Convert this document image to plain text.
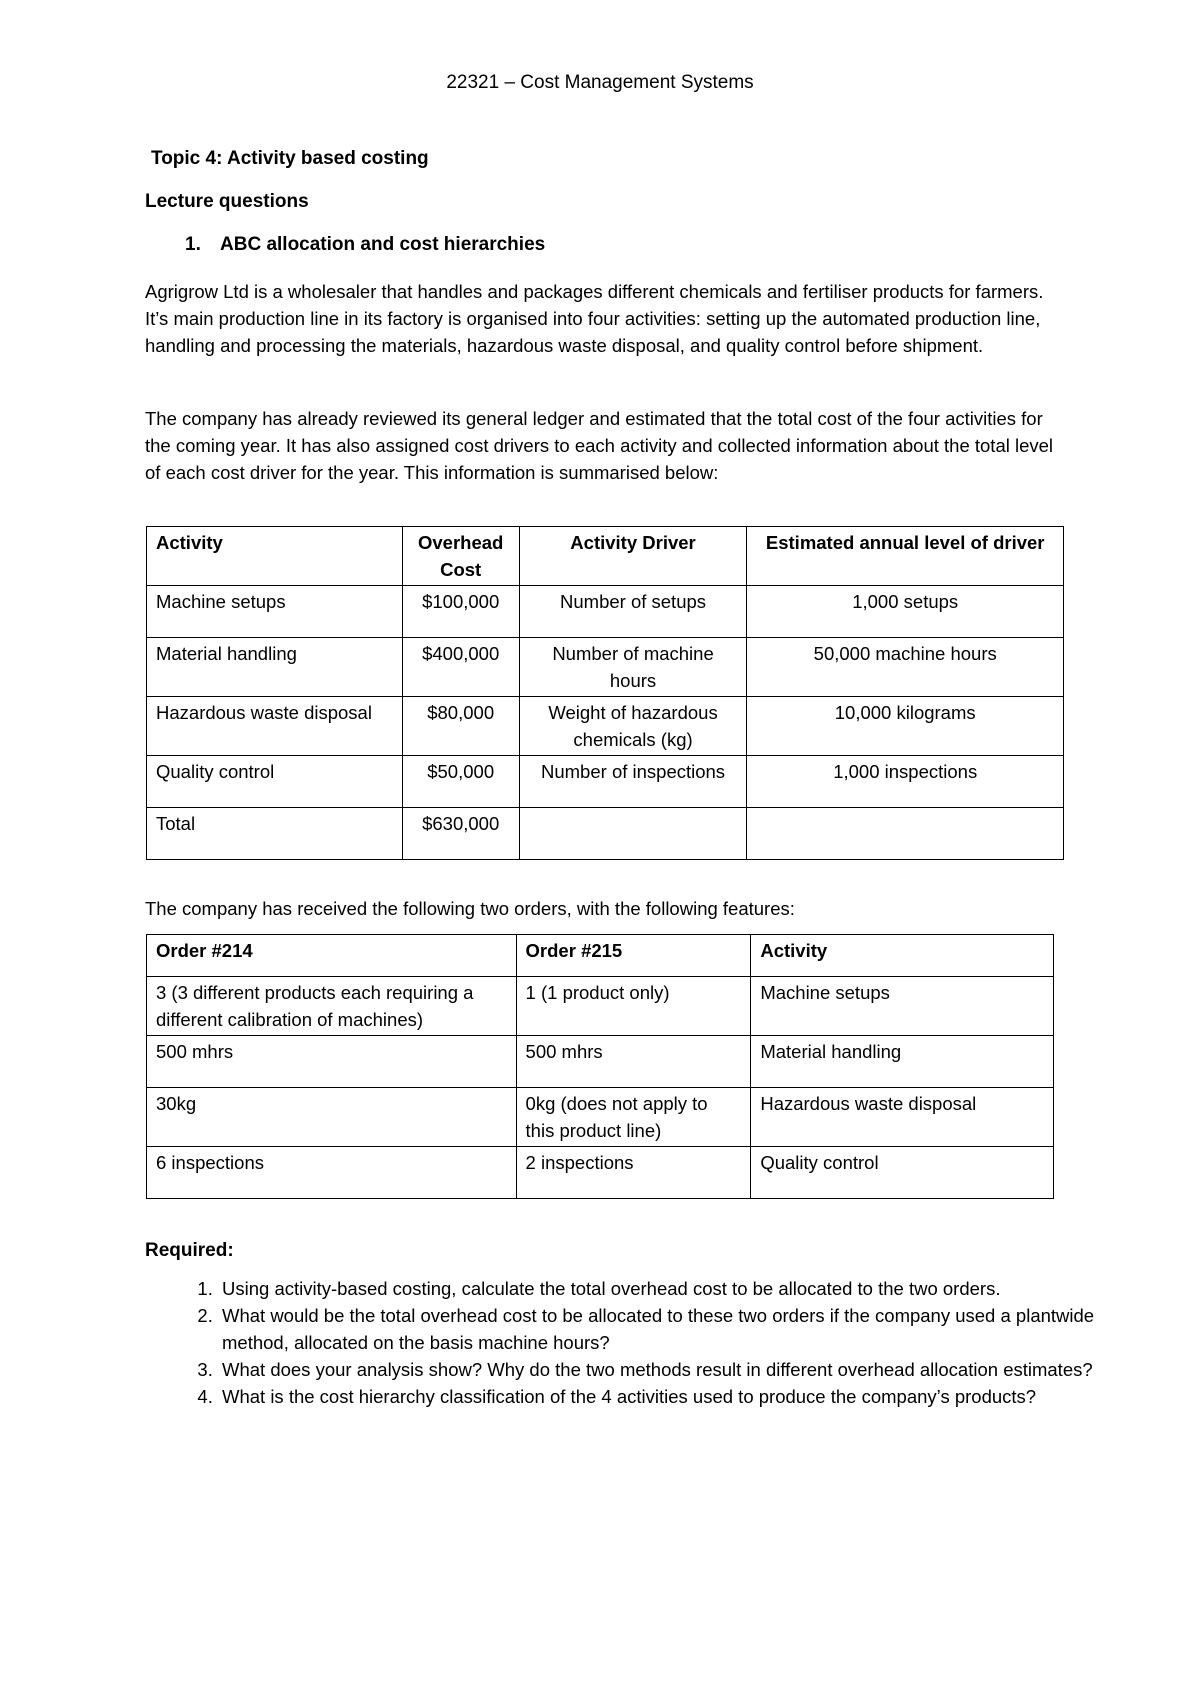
22321 – Cost Management Systems
Topic 4: Activity based costing
Lecture questions
1. ABC allocation and cost hierarchies
Agrigrow Ltd is a wholesaler that handles and packages different chemicals and fertiliser products for farmers. It’s main production line in its factory is organised into four activities: setting up the automated production line, handling and processing the materials, hazardous waste disposal, and quality control before shipment.
The company has already reviewed its general ledger and estimated that the total cost of the four activities for the coming year. It has also assigned cost drivers to each activity and collected information about the total level of each cost driver for the year. This information is summarised below:
Activity	Overhead Cost	Activity Driver	Estimated annual level of driver
Machine setups	$100,000	Number of setups	1,000 setups
Material handling	$400,000	Number of machine hours	50,000 machine hours
Hazardous waste disposal	$80,000	Weight of hazardous chemicals (kg)	10,000 kilograms
Quality control	$50,000	Number of inspections	1,000 inspections
Total	$630,000		
The company has received the following two orders, with the following features:
Order #214	Order #215	Activity
3 (3 different products each requiring a different calibration of machines)	1 (1 product only)	Machine setups
500 mhrs	500 mhrs	Material handling
30kg	0kg (does not apply to this product line)	Hazardous waste disposal
6 inspections	2 inspections	Quality control
Required:
1. Using activity-based costing, calculate the total overhead cost to be allocated to the two orders.
2. What would be the total overhead cost to be allocated to these two orders if the company used a plantwide method, allocated on the basis machine hours?
3. What does your analysis show? Why do the two methods result in different overhead allocation estimates?
4. What is the cost hierarchy classification of the 4 activities used to produce the company’s products?
